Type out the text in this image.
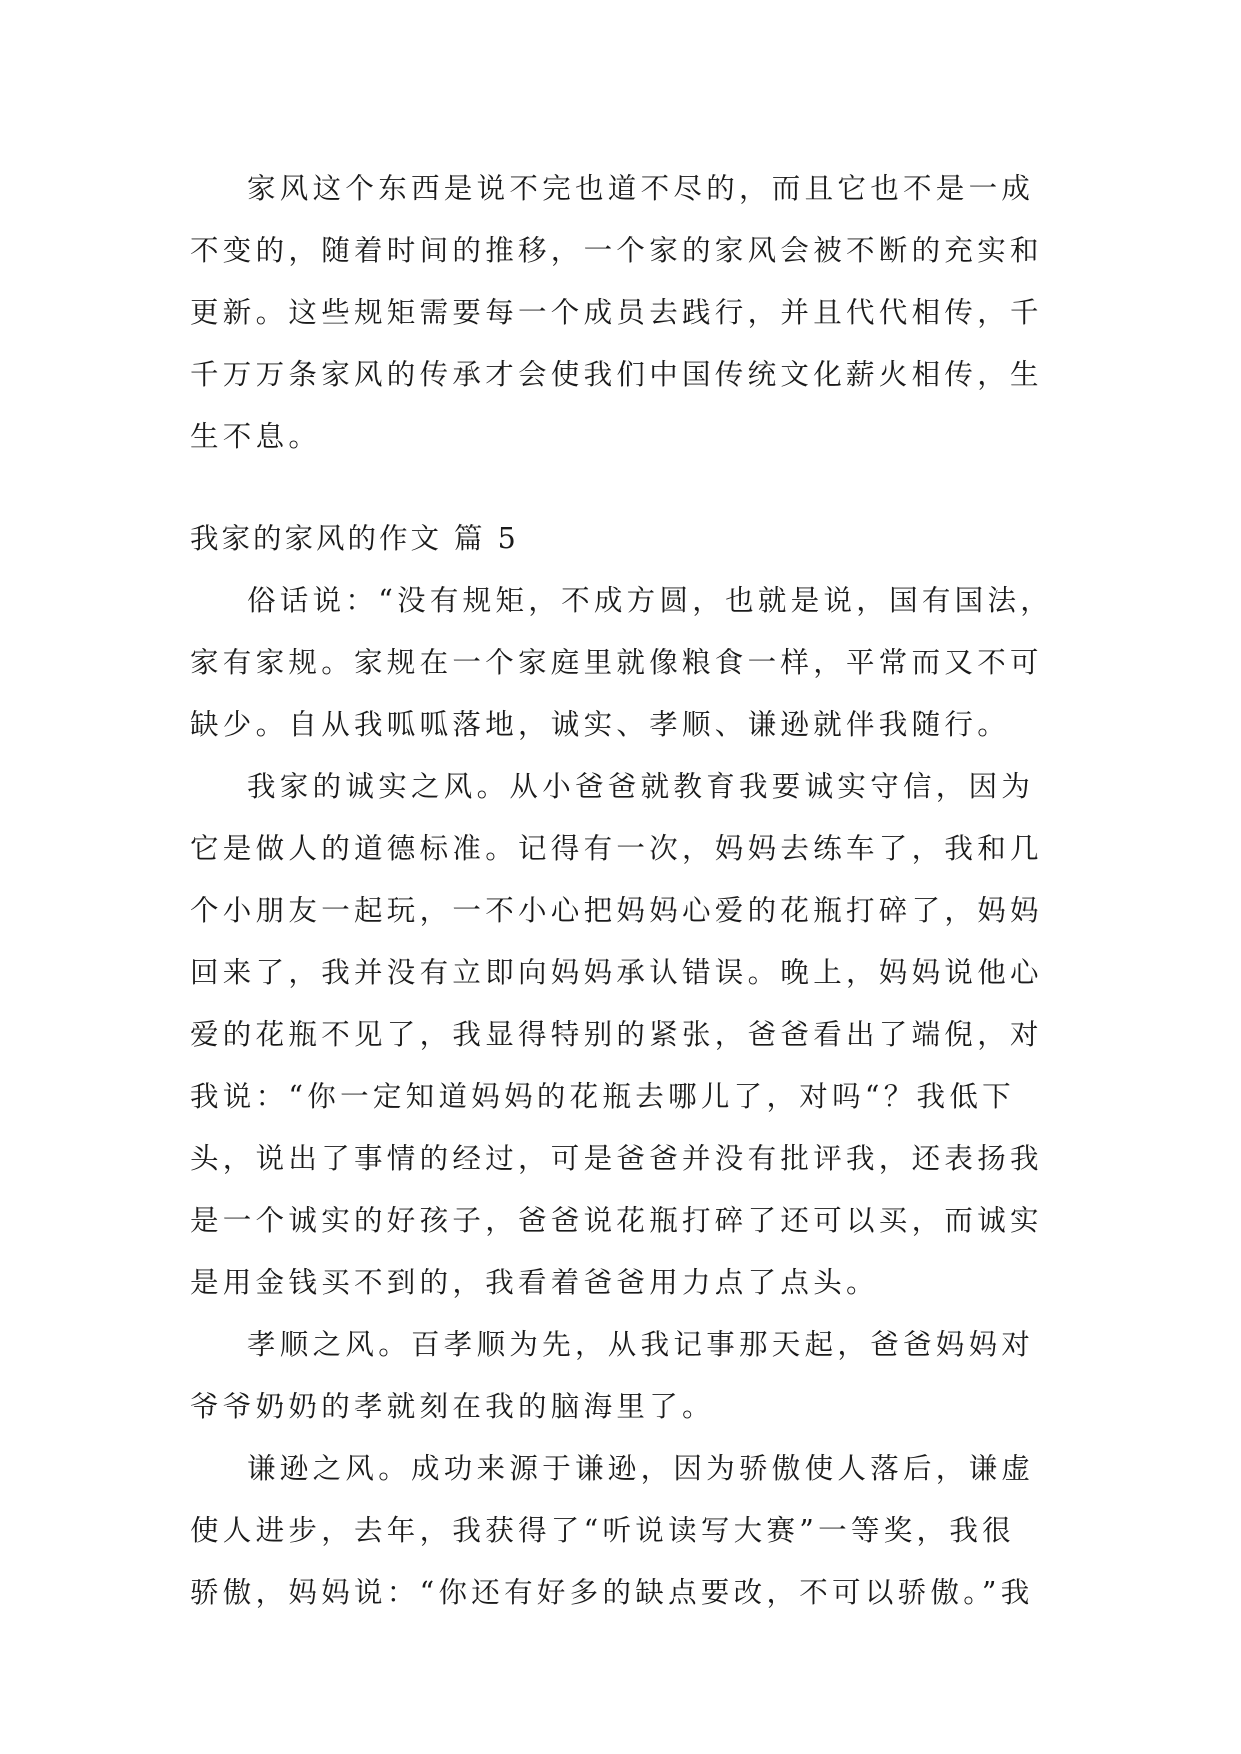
家风这个东西是说不完也道不尽的，而且它也不是一成
不变的，随着时间的推移，一个家的家风会被不断的充实和
更新。这些规矩需要每一个成员去践行，并且代代相传，千
千万万条家风的传承才会使我们中国传统文化薪火相传，生
生不息。

我家的家风的作文 篇 5

俗话说：“没有规矩，不成方圆，也就是说，国有国法，
家有家规。家规在一个家庭里就像粮食一样，平常而又不可
缺少。自从我呱呱落地，诚实、孝顺、谦逊就伴我随行。

我家的诚实之风。从小爸爸就教育我要诚实守信，因为
它是做人的道德标准。记得有一次，妈妈去练车了，我和几
个小朋友一起玩，一不小心把妈妈心爱的花瓶打碎了，妈妈
回来了，我并没有立即向妈妈承认错误。晚上，妈妈说他心
爱的花瓶不见了，我显得特别的紧张，爸爸看出了端倪，对
我说：“你一定知道妈妈的花瓶去哪儿了，对吗“？我低下
头，说出了事情的经过，可是爸爸并没有批评我，还表扬我
是一个诚实的好孩子，爸爸说花瓶打碎了还可以买，而诚实
是用金钱买不到的，我看着爸爸用力点了点头。

孝顺之风。百孝顺为先，从我记事那天起，爸爸妈妈对
爷爷奶奶的孝就刻在我的脑海里了。

谦逊之风。成功来源于谦逊，因为骄傲使人落后，谦虚
使人进步，去年，我获得了“听说读写大赛”一等奖，我很
骄傲，妈妈说：“你还有好多的缺点要改，不可以骄傲。”我
